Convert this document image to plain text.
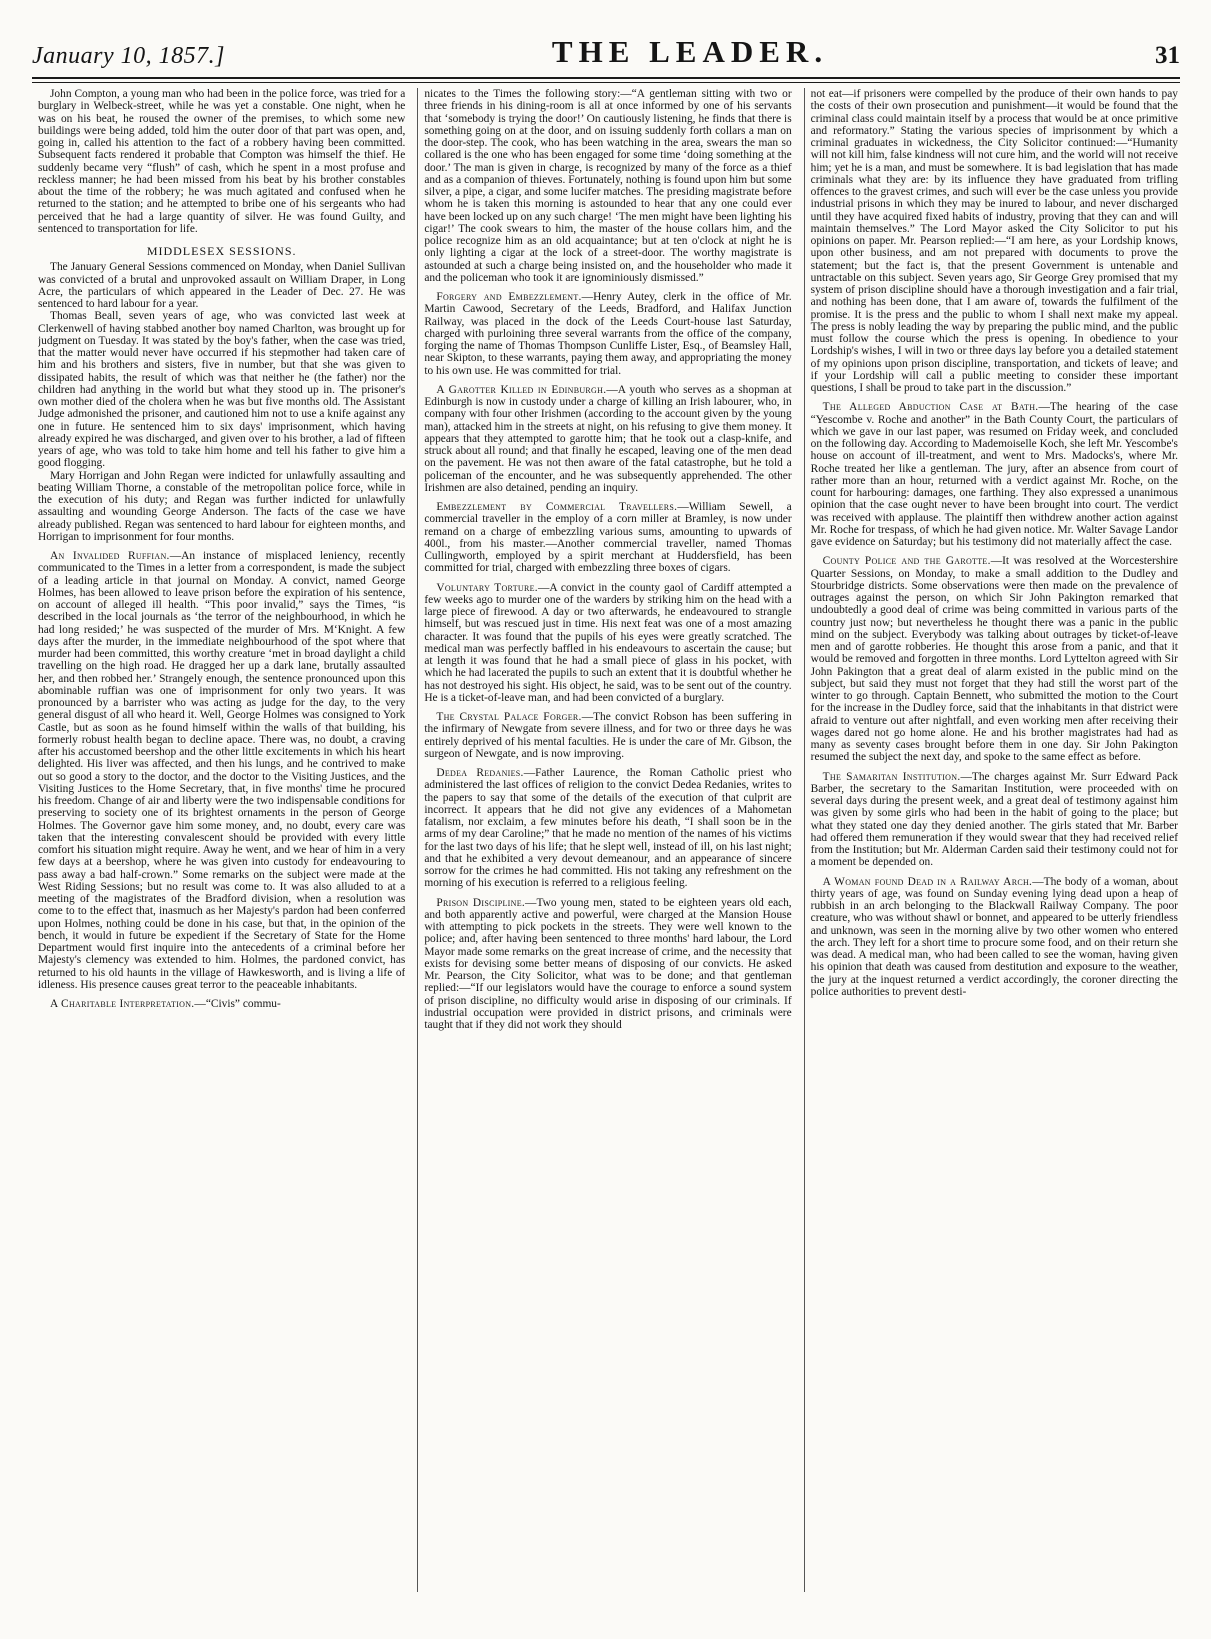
January 10, 1857.]	THE LEADER.	31

John Compton, a young man who had been in the police force, was tried for a burglary in Welbeck-street, while he was yet a constable. One night, when he was on his beat, he roused the owner of the premises, to which some new buildings were being added, told him the outer door of that part was open, and, going in, called his attention to the fact of a robbery having been committed. Subsequent facts rendered it probable that Compton was himself the thief. He suddenly became very “flush” of cash, which he spent in a most profuse and reckless manner; he had been missed from his beat by his brother constables about the time of the robbery; he was much agitated and confused when he returned to the station; and he attempted to bribe one of his sergeants who had perceived that he had a large quantity of silver. He was found Guilty, and sentenced to transportation for life.

MIDDLESEX SESSIONS.

The January General Sessions commenced on Monday, when Daniel Sullivan was convicted of a brutal and unprovoked assault on William Draper, in Long Acre, the particulars of which appeared in the Leader of Dec. 27. He was sentenced to hard labour for a year.

Thomas Beall, seven years of age, who was convicted last week at Clerkenwell of having stabbed another boy named Charlton, was brought up for judgment on Tuesday. It was stated by the boy's father, when the case was tried, that the matter would never have occurred if his stepmother had taken care of him and his brothers and sisters, five in number, but that she was given to dissipated habits, the result of which was that neither he (the father) nor the children had anything in the world but what they stood up in. The prisoner's own mother died of the cholera when he was but five months old. The Assistant Judge admonished the prisoner, and cautioned him not to use a knife against any one in future. He sentenced him to six days' imprisonment, which having already expired he was discharged, and given over to his brother, a lad of fifteen years of age, who was told to take him home and tell his father to give him a good flogging.

Mary Horrigan and John Regan were indicted for unlawfully assaulting and beating William Thorne, a constable of the metropolitan police force, while in the execution of his duty; and Regan was further indicted for unlawfully assaulting and wounding George Anderson. The facts of the case we have already published. Regan was sentenced to hard labour for eighteen months, and Horrigan to imprisonment for four months.

An Invalided Ruffian.—An instance of misplaced leniency, recently communicated to the Times in a letter from a correspondent, is made the subject of a leading article in that journal on Monday. A convict, named George Holmes, has been allowed to leave prison before the expiration of his sentence, on account of alleged ill health. “This poor invalid,” says the Times, “is described in the local journals as ‘the terror of the neighbourhood, in which he had long resided;’ he was suspected of the murder of Mrs. M‘Knight. A few days after the murder, in the immediate neighbourhood of the spot where that murder had been committed, this worthy creature ‘met in broad daylight a child travelling on the high road. He dragged her up a dark lane, brutally assaulted her, and then robbed her.’ Strangely enough, the sentence pronounced upon this abominable ruffian was one of imprisonment for only two years. It was pronounced by a barrister who was acting as judge for the day, to the very general disgust of all who heard it. Well, George Holmes was consigned to York Castle, but as soon as he found himself within the walls of that building, his formerly robust health began to decline apace. There was, no doubt, a craving after his accustomed beershop and the other little excitements in which his heart delighted. His liver was affected, and then his lungs, and he contrived to make out so good a story to the doctor, and the doctor to the Visiting Justices, and the Visiting Justices to the Home Secretary, that, in five months' time he procured his freedom. Change of air and liberty were the two indispensable conditions for preserving to society one of its brightest ornaments in the person of George Holmes. The Governor gave him some money, and, no doubt, every care was taken that the interesting convalescent should be provided with every little comfort his situation might require. Away he went, and we hear of him in a very few days at a beershop, where he was given into custody for endeavouring to pass away a bad half-crown.” Some remarks on the subject were made at the West Riding Sessions; but no result was come to. It was also alluded to at a meeting of the magistrates of the Bradford division, when a resolution was come to to the effect that, inasmuch as her Majesty's pardon had been conferred upon Holmes, nothing could be done in his case, but that, in the opinion of the bench, it would in future be expedient if the Secretary of State for the Home Department would first inquire into the antecedents of a criminal before her Majesty's clemency was extended to him. Holmes, the pardoned convict, has returned to his old haunts in the village of Hawkesworth, and is living a life of idleness. His presence causes great terror to the peaceable inhabitants.

A Charitable Interpretation.—“Civis” commu-

nicates to the Times the following story:—“A gentleman sitting with two or three friends in his dining-room is all at once informed by one of his servants that ‘somebody is trying the door!’ On cautiously listening, he finds that there is something going on at the door, and on issuing suddenly forth collars a man on the door-step. The cook, who has been watching in the area, swears the man so collared is the one who has been engaged for some time ‘doing something at the door.’ The man is given in charge, is recognized by many of the force as a thief and as a companion of thieves. Fortunately, nothing is found upon him but some silver, a pipe, a cigar, and some lucifer matches. The presiding magistrate before whom he is taken this morning is astounded to hear that any one could ever have been locked up on any such charge! ‘The men might have been lighting his cigar!’ The cook swears to him, the master of the house collars him, and the police recognize him as an old acquaintance; but at ten o'clock at night he is only lighting a cigar at the lock of a street-door. The worthy magistrate is astounded at such a charge being insisted on, and the householder who made it and the policeman who took it are ignominiously dismissed.”

Forgery and Embezzlement.—Henry Autey, clerk in the office of Mr. Martin Cawood, Secretary of the Leeds, Bradford, and Halifax Junction Railway, was placed in the dock of the Leeds Court-house last Saturday, charged with purloining three several warrants from the office of the company, forging the name of Thomas Thompson Cunliffe Lister, Esq., of Beamsley Hall, near Skipton, to these warrants, paying them away, and appropriating the money to his own use. He was committed for trial.

A Garotter Killed in Edinburgh.—A youth who serves as a shopman at Edinburgh is now in custody under a charge of killing an Irish labourer, who, in company with four other Irishmen (according to the account given by the young man), attacked him in the streets at night, on his refusing to give them money. It appears that they attempted to garotte him; that he took out a clasp-knife, and struck about all round; and that finally he escaped, leaving one of the men dead on the pavement. He was not then aware of the fatal catastrophe, but he told a policeman of the encounter, and he was subsequently apprehended. The other Irishmen are also detained, pending an inquiry.

Embezzlement by Commercial Travellers.—William Sewell, a commercial traveller in the employ of a corn miller at Bramley, is now under remand on a charge of embezzling various sums, amounting to upwards of 400l., from his master.—Another commercial traveller, named Thomas Cullingworth, employed by a spirit merchant at Huddersfield, has been committed for trial, charged with embezzling three boxes of cigars.

Voluntary Torture.—A convict in the county gaol of Cardiff attempted a few weeks ago to murder one of the warders by striking him on the head with a large piece of firewood. A day or two afterwards, he endeavoured to strangle himself, but was rescued just in time. His next feat was one of a most amazing character. It was found that the pupils of his eyes were greatly scratched. The medical man was perfectly baffled in his endeavours to ascertain the cause; but at length it was found that he had a small piece of glass in his pocket, with which he had lacerated the pupils to such an extent that it is doubtful whether he has not destroyed his sight. His object, he said, was to be sent out of the country. He is a ticket-of-leave man, and had been convicted of a burglary.

The Crystal Palace Forger.—The convict Robson has been suffering in the infirmary of Newgate from severe illness, and for two or three days he was entirely deprived of his mental faculties. He is under the care of Mr. Gibson, the surgeon of Newgate, and is now improving.

Dedea Redanies.—Father Laurence, the Roman Catholic priest who administered the last offices of religion to the convict Dedea Redanies, writes to the papers to say that some of the details of the execution of that culprit are incorrect. It appears that he did not give any evidences of a Mahometan fatalism, nor exclaim, a few minutes before his death, “I shall soon be in the arms of my dear Caroline;” that he made no mention of the names of his victims for the last two days of his life; that he slept well, instead of ill, on his last night; and that he exhibited a very devout demeanour, and an appearance of sincere sorrow for the crimes he had committed. His not taking any refreshment on the morning of his execution is referred to a religious feeling.

Prison Discipline.—Two young men, stated to be eighteen years old each, and both apparently active and powerful, were charged at the Mansion House with attempting to pick pockets in the streets. They were well known to the police; and, after having been sentenced to three months' hard labour, the Lord Mayor made some remarks on the great increase of crime, and the necessity that exists for devising some better means of disposing of our convicts. He asked Mr. Pearson, the City Solicitor, what was to be done; and that gentleman replied:—“If our legislators would have the courage to enforce a sound system of prison discipline, no difficulty would arise in disposing of our criminals. If industrial occupation were provided in district prisons, and criminals were taught that if they did not work they should

not eat—if prisoners were compelled by the produce of their own hands to pay the costs of their own prosecution and punishment—it would be found that the criminal class could maintain itself by a process that would be at once primitive and reformatory.” Stating the various species of imprisonment by which a criminal graduates in wickedness, the City Solicitor continued:—“Humanity will not kill him, false kindness will not cure him, and the world will not receive him; yet he is a man, and must be somewhere. It is bad legislation that has made criminals what they are: by its influence they have graduated from trifling offences to the gravest crimes, and such will ever be the case unless you provide industrial prisons in which they may be inured to labour, and never discharged until they have acquired fixed habits of industry, proving that they can and will maintain themselves.” The Lord Mayor asked the City Solicitor to put his opinions on paper. Mr. Pearson replied:—“I am here, as your Lordship knows, upon other business, and am not prepared with documents to prove the statement; but the fact is, that the present Government is untenable and untractable on this subject. Seven years ago, Sir George Grey promised that my system of prison discipline should have a thorough investigation and a fair trial, and nothing has been done, that I am aware of, towards the fulfilment of the promise. It is the press and the public to whom I shall next make my appeal. The press is nobly leading the way by preparing the public mind, and the public must follow the course which the press is opening. In obedience to your Lordship's wishes, I will in two or three days lay before you a detailed statement of my opinions upon prison discipline, transportation, and tickets of leave; and if your Lordship will call a public meeting to consider these important questions, I shall be proud to take part in the discussion.”

The Alleged Abduction Case at Bath.—The hearing of the case “Yescombe v. Roche and another” in the Bath County Court, the particulars of which we gave in our last paper, was resumed on Friday week, and concluded on the following day. According to Mademoiselle Koch, she left Mr. Yescombe's house on account of ill-treatment, and went to Mrs. Madocks's, where Mr. Roche treated her like a gentleman. The jury, after an absence from court of rather more than an hour, returned with a verdict against Mr. Roche, on the count for harbouring: damages, one farthing. They also expressed a unanimous opinion that the case ought never to have been brought into court. The verdict was received with applause. The plaintiff then withdrew another action against Mr. Roche for trespass, of which he had given notice. Mr. Walter Savage Landor gave evidence on Saturday; but his testimony did not materially affect the case.

County Police and the Garotte.—It was resolved at the Worcestershire Quarter Sessions, on Monday, to make a small addition to the Dudley and Stourbridge districts. Some observations were then made on the prevalence of outrages against the person, on which Sir John Pakington remarked that undoubtedly a good deal of crime was being committed in various parts of the country just now; but nevertheless he thought there was a panic in the public mind on the subject. Everybody was talking about outrages by ticket-of-leave men and of garotte robberies. He thought this arose from a panic, and that it would be removed and forgotten in three months. Lord Lyttelton agreed with Sir John Pakington that a great deal of alarm existed in the public mind on the subject, but said they must not forget that they had still the worst part of the winter to go through. Captain Bennett, who submitted the motion to the Court for the increase in the Dudley force, said that the inhabitants in that district were afraid to venture out after nightfall, and even working men after receiving their wages dared not go home alone. He and his brother magistrates had had as many as seventy cases brought before them in one day. Sir John Pakington resumed the subject the next day, and spoke to the same effect as before.

The Samaritan Institution.—The charges against Mr. Surr Edward Pack Barber, the secretary to the Samaritan Institution, were proceeded with on several days during the present week, and a great deal of testimony against him was given by some girls who had been in the habit of going to the place; but what they stated one day they denied another. The girls stated that Mr. Barber had offered them remuneration if they would swear that they had received relief from the Institution; but Mr. Alderman Carden said their testimony could not for a moment be depended on.

A Woman found Dead in a Railway Arch.—The body of a woman, about thirty years of age, was found on Sunday evening lying dead upon a heap of rubbish in an arch belonging to the Blackwall Railway Company. The poor creature, who was without shawl or bonnet, and appeared to be utterly friendless and unknown, was seen in the morning alive by two other women who entered the arch. They left for a short time to procure some food, and on their return she was dead. A medical man, who had been called to see the woman, having given his opinion that death was caused from destitution and exposure to the weather, the jury at the inquest returned a verdict accordingly, the coroner directing the police authorities to prevent desti-
